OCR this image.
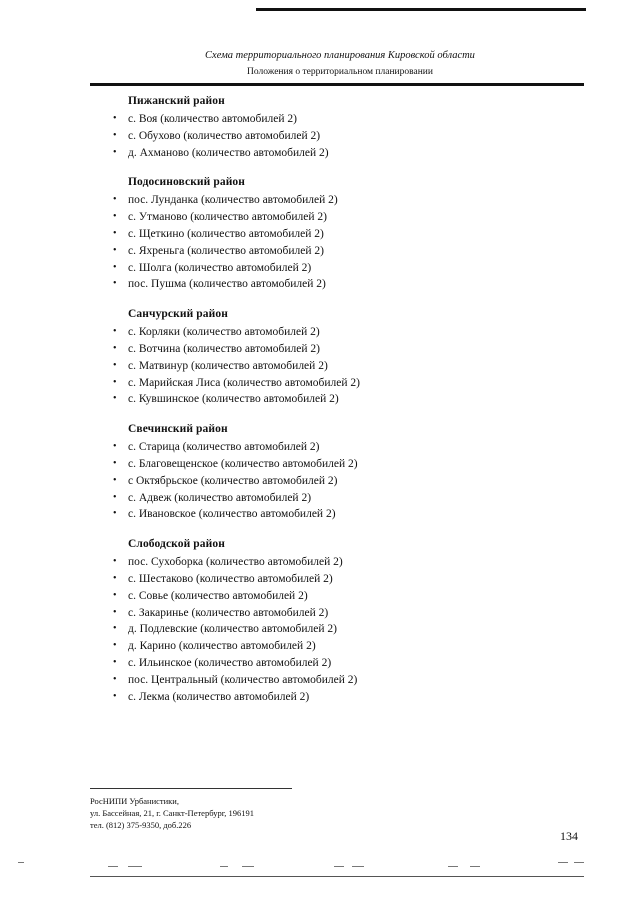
Схема территориального планирования Кировской области
Положения о территориальном планировании
Пижанский район
• с. Воя (количество автомобилей 2)
• с. Обухово (количество автомобилей 2)
• д. Ахманово (количество автомобилей 2)
Подосиновский район
• пос. Лунданка (количество автомобилей 2)
• с. Утманово (количество автомобилей 2)
• с. Щеткино (количество автомобилей 2)
• с. Яхреньга (количество автомобилей 2)
• с. Шолга (количество автомобилей 2)
• пос. Пушма (количество автомобилей 2)
Санчурский район
• с. Корляки (количество автомобилей 2)
• с. Вотчина (количество автомобилей 2)
• с. Матвинур (количество автомобилей 2)
• с. Марийская Лиса (количество автомобилей 2)
• с. Кувшинское (количество автомобилей 2)
Свечинский район
• с. Старица (количество автомобилей 2)
• с. Благовещенское (количество автомобилей 2)
• с Октябрьское (количество автомобилей 2)
• с. Адвеж (количество автомобилей 2)
• с. Ивановское (количество автомобилей 2)
Слободской район
• пос. Сухоборка (количество автомобилей 2)
• с. Шестаково (количество автомобилей 2)
• с. Совье (количество автомобилей 2)
• с. Закаринье (количество автомобилей 2)
• д. Подлевские (количество автомобилей 2)
• д. Карино (количество автомобилей 2)
• с. Ильинское (количество автомобилей 2)
• пос. Центральный (количество автомобилей 2)
• с. Лекма (количество автомобилей 2)
РосНИПИ Урбанистики,
ул. Бассейная, 21, г. Санкт-Петербург, 196191
тел. (812) 375-9350, доб.226
134
